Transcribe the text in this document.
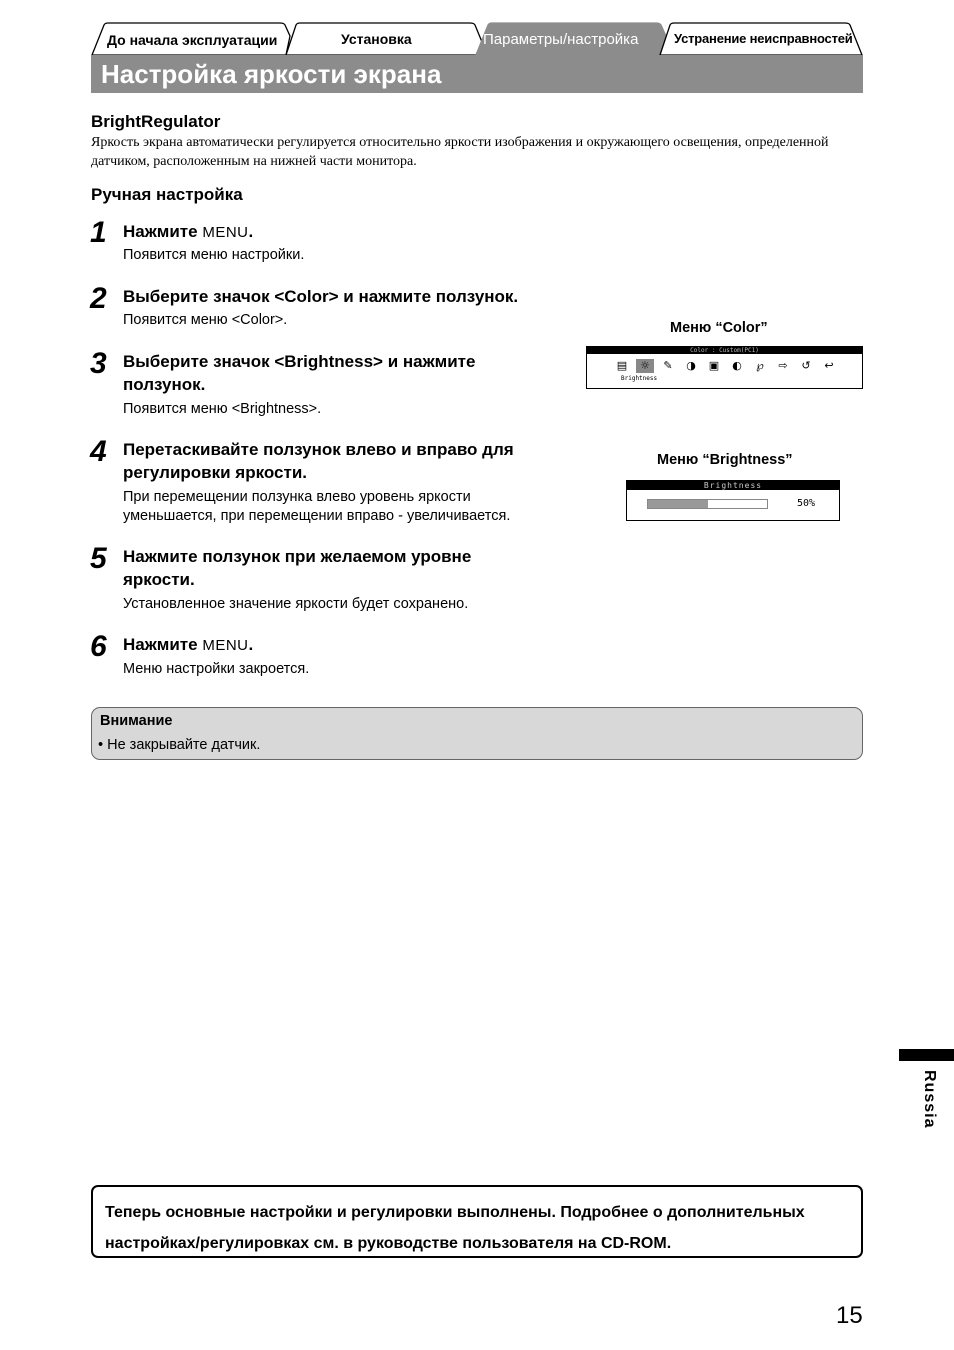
До начала эксплуатации	Установка	Параметры/настройка	Устранение неисправностей
Настройка яркости экрана
BrightRegulator
Яркость экрана автоматически регулируется относительно яркости изображения и окружающего освещения, определенной датчиком, расположенным на нижней части монитора.
Ручная настройка
1 Нажмите MENU.
Появится меню настройки.
2 Выберите значок <Color> и нажмите ползунок.
Появится меню <Color>.
3 Выберите значок <Brightness> и нажмите ползунок.
Появится меню <Brightness>.
4 Перетаскивайте ползунок влево и вправо для регулировки яркости.
При перемещении ползунка влево уровень яркости уменьшается, при перемещении вправо - увеличивается.
5 Нажмите ползунок при желаемом уровне яркости.
Установленное значение яркости будет сохранено.
6 Нажмите MENU.
Меню настройки закроется.
Меню “Color”
Color : Custom(PC1)
▤	☼	✎	◑	▣	◐	℘	⇨	↺	↩
Brightness
Меню “Brightness”
Brightness
50%
Внимание
• Не закрывайте датчик.
Russia
Теперь основные настройки и регулировки выполнены. Подробнее о дополнительных настройках/регулировках см. в руководстве пользователя на CD-ROM.
15
